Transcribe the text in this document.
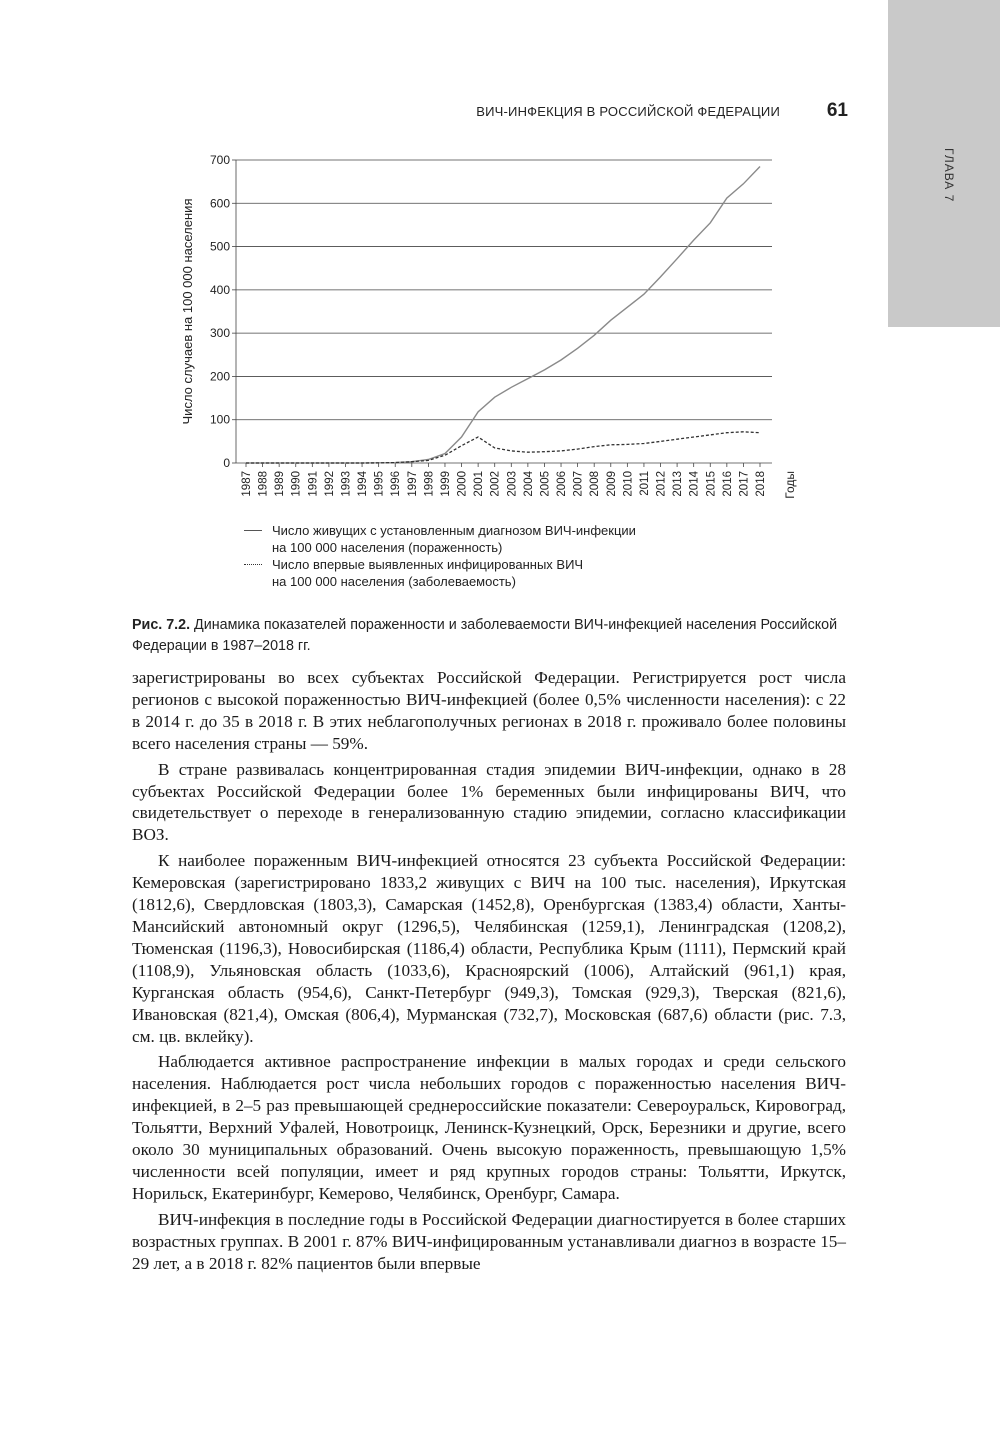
ГЛАВА 7
ВИЧ-ИНФЕКЦИЯ В РОССИЙСКОЙ ФЕДЕРАЦИИ	61
0
100
200
300
400
500
600
700
1987 1988 1989 1990 1991 1992 1993 1994 1995 1996 1997 1998 1999 2000 2001 2002 2003 2004 2005 2006 2007 2008 2009 2010 2011 2012 2013 2014 2015 2016 2017 2018 Годы
Число случаев на 100 000 населения
Число живущих с установленным диагнозом ВИЧ-инфекции
на 100 000 населения (пораженность)
Число впервые выявленных инфицированных ВИЧ
на 100 000 населения (заболеваемость)
Рис. 7.2. Динамика показателей пораженности и заболеваемости ВИЧ-инфекцией населения Российской Федерации в 1987–2018 гг.

зарегистрированы во всех субъектах Российской Федерации. Регистрируется рост числа регионов с высокой пораженностью ВИЧ-инфекцией (более 0,5% численности населения): с 22 в 2014 г. до 35 в 2018 г. В этих неблагополучных регионах в 2018 г. проживало более половины всего населения страны — 59%.

В стране развивалась концентрированная стадия эпидемии ВИЧ-инфекции, однако в 28 субъектах Российской Федерации более 1% беременных были инфицированы ВИЧ, что свидетельствует о переходе в генерализованную стадию эпидемии, согласно классификации ВОЗ.

К наиболее пораженным ВИЧ-инфекцией относятся 23 субъекта Российской Федерации: Кемеровская (зарегистрировано 1833,2 живущих с ВИЧ на 100 тыс. населения), Иркутская (1812,6), Свердловская (1803,3), Самарская (1452,8), Оренбургская (1383,4) области, Ханты-Мансийский автономный округ (1296,5), Челябинская (1259,1), Ленинградская (1208,2), Тюменская (1196,3), Новосибирская (1186,4) области, Республика Крым (1111), Пермский край (1108,9), Ульяновская область (1033,6), Красноярский (1006), Алтайский (961,1) края, Курганская область (954,6), Санкт-Петербург (949,3), Томская (929,3), Тверская (821,6), Ивановская (821,4), Омская (806,4), Мурманская (732,7), Московская (687,6) области (рис. 7.3, см. цв. вклейку).

Наблюдается активное распространение инфекции в малых городах и среди сельского населения. Наблюдается рост числа небольших городов с пораженностью населения ВИЧ-инфекцией, в 2–5 раз превышающей среднероссийские показатели: Североуральск, Кировоград, Тольятти, Верхний Уфалей, Новотроицк, Ленинск-Кузнецкий, Орск, Березники и другие, всего около 30 муниципальных образований. Очень высокую пораженность, превышающую 1,5% численности всей популяции, имеет и ряд крупных городов страны: Тольятти, Иркутск, Норильск, Екатеринбург, Кемерово, Челябинск, Оренбург, Самара.

ВИЧ-инфекция в последние годы в Российской Федерации диагностируется в более старших возрастных группах. В 2001 г. 87% ВИЧ-инфицированным устанавливали диагноз в возрасте 15–29 лет, а в 2018 г. 82% пациентов были впервые
